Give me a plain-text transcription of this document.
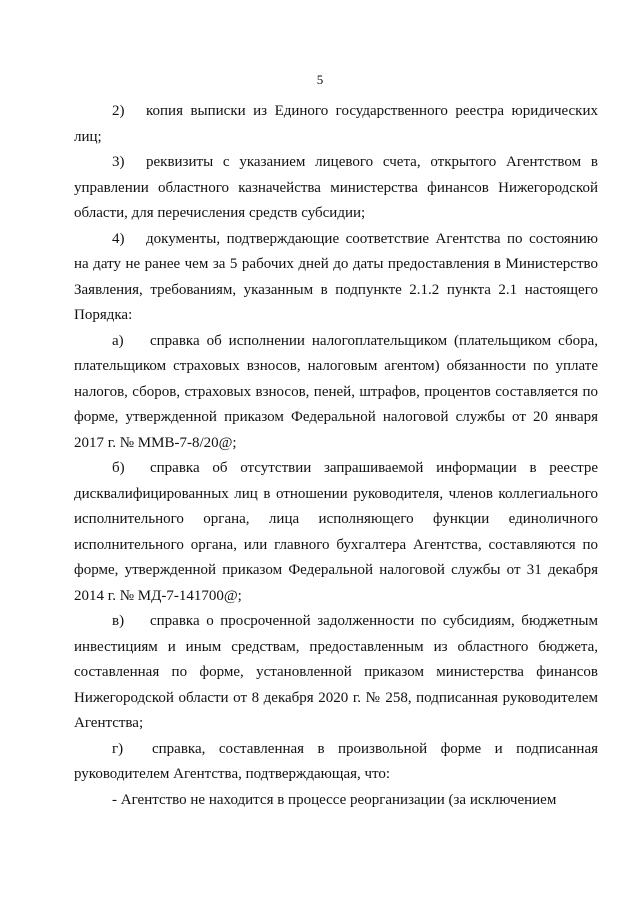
5

2) копия выписки из Единого государственного реестра юридических лиц;

3) реквизиты с указанием лицевого счета, открытого Агентством в управлении областного казначейства министерства финансов Нижегородской области, для перечисления средств субсидии;

4) документы, подтверждающие соответствие Агентства по состоянию на дату не ранее чем за 5 рабочих дней до даты предоставления в Министерство Заявления, требованиям, указанным в подпункте 2.1.2 пункта 2.1 настоящего Порядка:

а) справка об исполнении налогоплательщиком (плательщиком сбора, плательщиком страховых взносов, налоговым агентом) обязанности по уплате налогов, сборов, страховых взносов, пеней, штрафов, процентов составляется по форме, утвержденной приказом Федеральной налоговой службы от 20 января 2017 г. № ММВ-7-8/20@;

б) справка об отсутствии запрашиваемой информации в реестре дисквалифицированных лиц в отношении руководителя, членов коллегиального исполнительного органа, лица исполняющего функции единоличного исполнительного органа, или главного бухгалтера Агентства, составляются по форме, утвержденной приказом Федеральной налоговой службы от 31 декабря 2014 г. № МД-7-141700@;

в) справка о просроченной задолженности по субсидиям, бюджетным инвестициям и иным средствам, предоставленным из областного бюджета, составленная по форме, установленной приказом министерства финансов Нижегородской области от 8 декабря 2020 г. № 258, подписанная руководителем Агентства;

г) справка, составленная в произвольной форме и подписанная руководителем Агентства, подтверждающая, что:

- Агентство не находится в процессе реорганизации (за исключением
